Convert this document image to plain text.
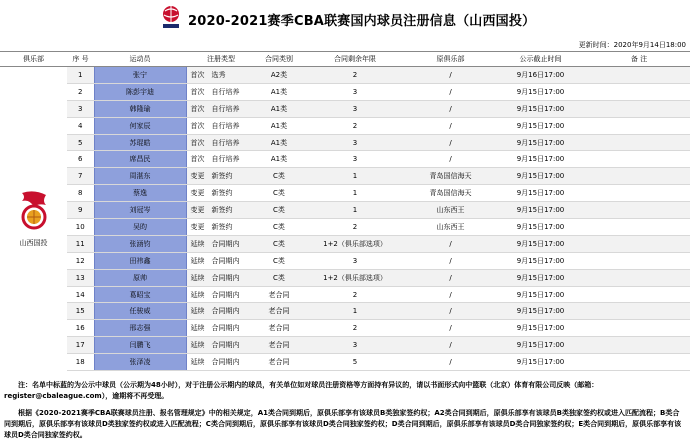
2020-2021赛季CBA联赛国内球员注册信息（山西国投）
更新时间：2020年9月14日18:00
俱乐部	序 号	运动员	注册类型	合同类别	合同剩余年限	原俱乐部	公示截止时间	备 注

山西国投	1	张宁	首次　选秀	A2类	2	/	9月16日17:00	
	2	陈彭宇迪	首次　自行培养	A1类	3	/	9月15日17:00	
	3	韩隆瑜	首次　自行培养	A1类	3	/	9月15日17:00	
	4	何家辰	首次　自行培养	A1类	2	/	9月15日17:00	
	5	苏琨皓	首次　自行培养	A1类	3	/	9月15日17:00	
	6	席昌民	首次　自行培养	A1类	3	/	9月15日17:00	
	7	周湛东	变更　新签约	C类	1	青岛国信海天	9月15日17:00	
	8	蔡逸	变更　新签约	C类	1	青岛国信海天	9月15日17:00	
	9	刘冠岑	变更　新签约	C类	1	山东西王	9月15日17:00	
	10	吴昀	变更　新签约	C类	2	山东西王	9月15日17:00	
	11	张涵钧	延续　合同期内	C类	1+2（俱乐部选项）	/	9月15日17:00	
	12	田祎鑫	延续　合同期内	C类	3	/	9月15日17:00	
	13	原帅	延续　合同期内	C类	1+2（俱乐部选项）	/	9月15日17:00	
	14	葛昭宝	延续　合同期内	老合同	2	/	9月15日17:00	
	15	任骏威	延续　合同期内	老合同	1	/	9月15日17:00	
	16	邢志强	延续　合同期内	老合同	2	/	9月15日17:00	
	17	闫鹏飞	延续　合同期内	老合同	3	/	9月15日17:00	
	18	张泽凌	延续　合同期内	老合同	5	/	9月15日17:00	
注：名单中标蓝的为公示中球员（公示期为48小时），对于注册公示期内的球员，有关单位如对球员注册资格等方面持有异议的，请以书面形式向中篮联（北京）体育有限公司反映（邮箱：register@cbaleague.com），逾期将不再受理。
根据《2020-2021赛季CBA联赛球员注册、报名管理规定》中的相关规定，A1类合同到期后，原俱乐部享有该球员B类独家签约权；A2类合同到期后，原俱乐部享有该球员B类独家签约权或进入匹配流程；B类合同到期后，原俱乐部享有该球员D类独家签约权或进入匹配流程；C类合同到期后，原俱乐部享有该球员D类合同独家签约权；D类合同到期后，原俱乐部享有该球员D类合同独家签约权；E类合同到期后，原俱乐部享有该球员D类合同独家签约权。
